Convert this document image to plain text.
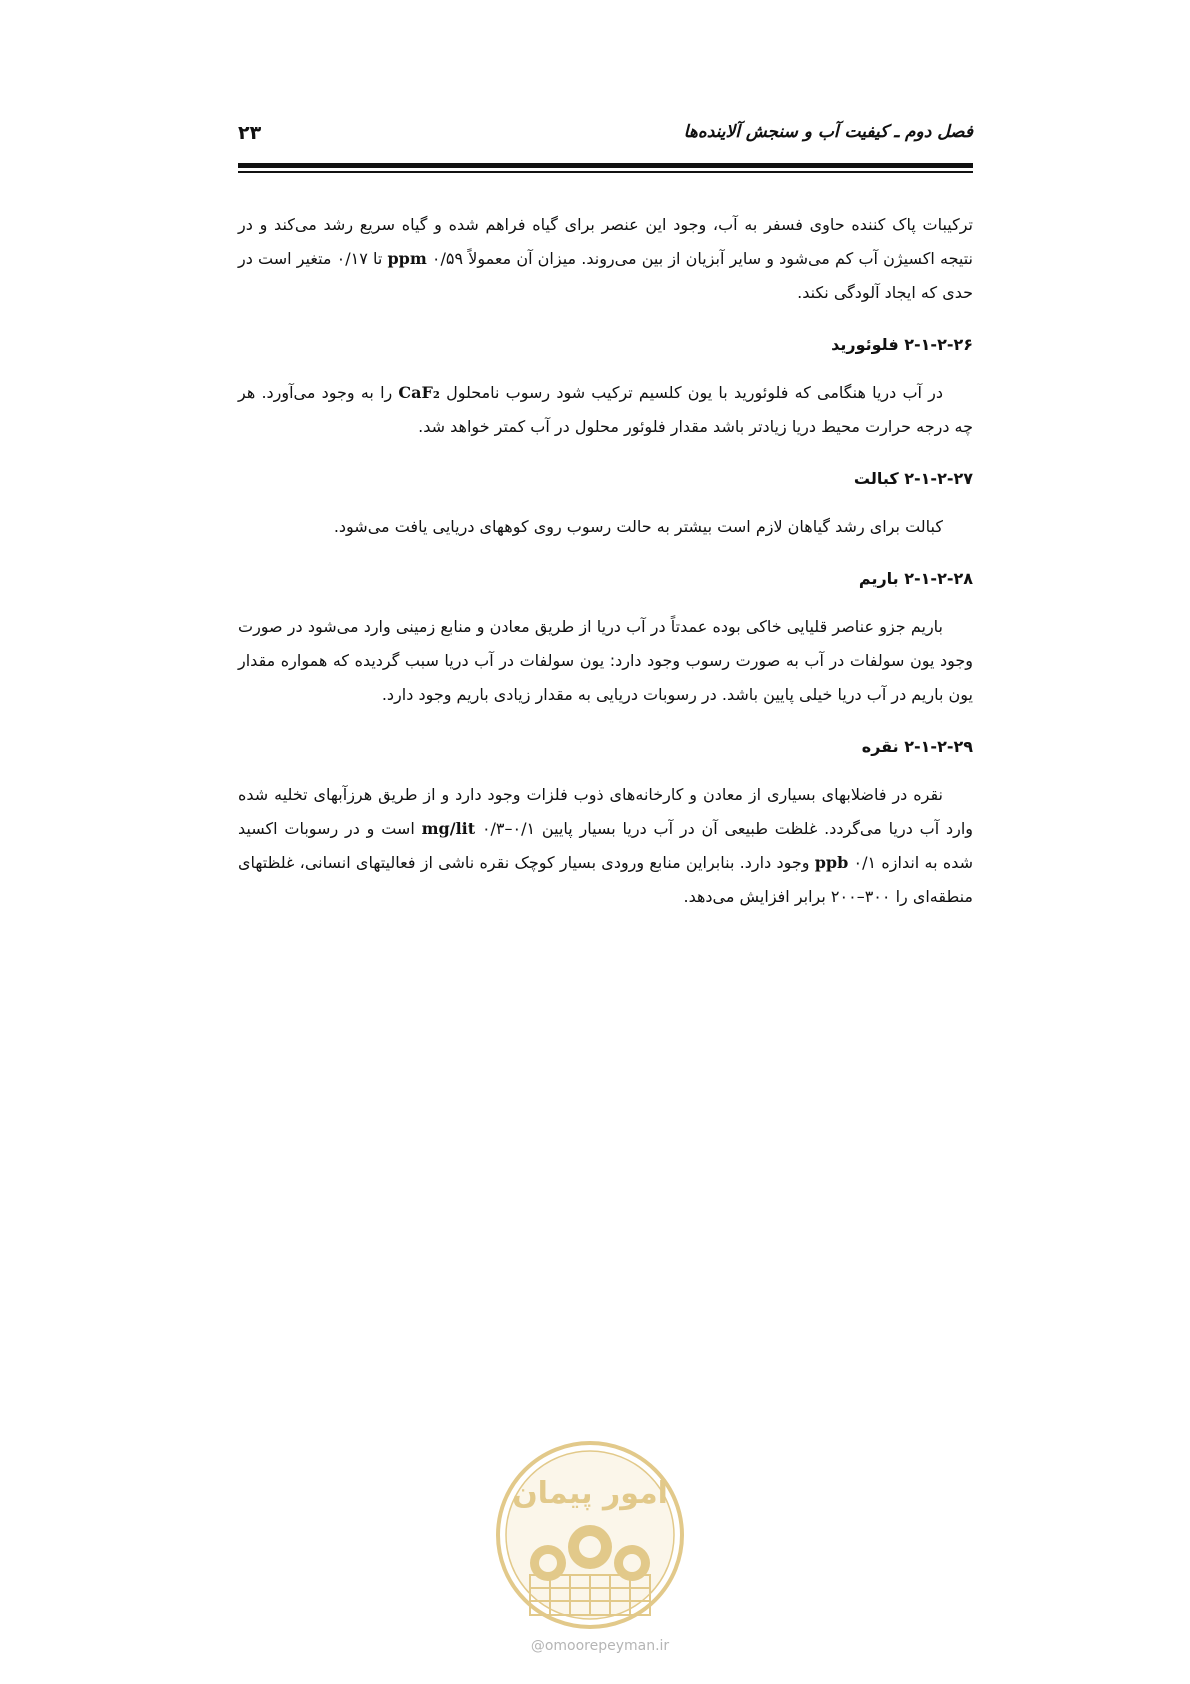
فصل دوم ـ کیفیت آب و سنجش آلاینده‌ها
۲۳

ترکیبات پاک کننده حاوی فسفر به آب، وجود این عنصر برای گیاه فراهم شده و گیاه سریع رشد می‌کند و در نتیجه اکسیژن آب کم می‌شود و سایر آبزیان از بین می‌روند. میزان آن معمولاً ppm ۰/۵۹ تا ۰/۱۷ متغیر است در حدی که ایجاد آلودگی نکند.

۲-۱-۲-۲۶ فلوئورید

در آب دریا هنگامی که فلوئورید با یون کلسیم ترکیب شود رسوب نامحلول CaF₂ را به وجود می‌آورد. هر چه درجه حرارت محیط دریا زیادتر باشد مقدار فلوئور محلول در آب کمتر خواهد شد.

۲-۱-۲-۲۷ کبالت

کبالت برای رشد گیاهان لازم است بیشتر به حالت رسوب روی کوههای دریایی یافت می‌شود.

۲-۱-۲-۲۸ باریم

باریم جزو عناصر قلیایی خاکی بوده عمدتاً در آب دریا از طریق معادن و منابع زمینی وارد می‌شود در صورت وجود یون سولفات در آب به صورت رسوب وجود دارد: یون سولفات در آب دریا سبب گردیده که همواره مقدار یون باریم در آب دریا خیلی پایین باشد. در رسوبات دریایی به مقدار زیادی باریم وجود دارد.

۲-۱-۲-۲۹ نقره

نقره در فاضلابهای بسیاری از معادن و کارخانه‌های ذوب فلزات وجود دارد و از طریق هرزآبهای تخلیه شده وارد آب دریا می‌گردد. غلظت طبیعی آن در آب دریا بسیار پایین mg/lit ۰/۳–۰/۱ است و در رسوبات اکسید شده به اندازه ppb ۰/۱ وجود دارد. بنابراین منابع ورودی بسیار کوچک نقره ناشی از فعالیتهای انسانی، غلظتهای منطقه‌ای را ۳۰۰–۲۰۰ برابر افزایش می‌دهد.

امور پیمان
@omoorepeyman.ir
